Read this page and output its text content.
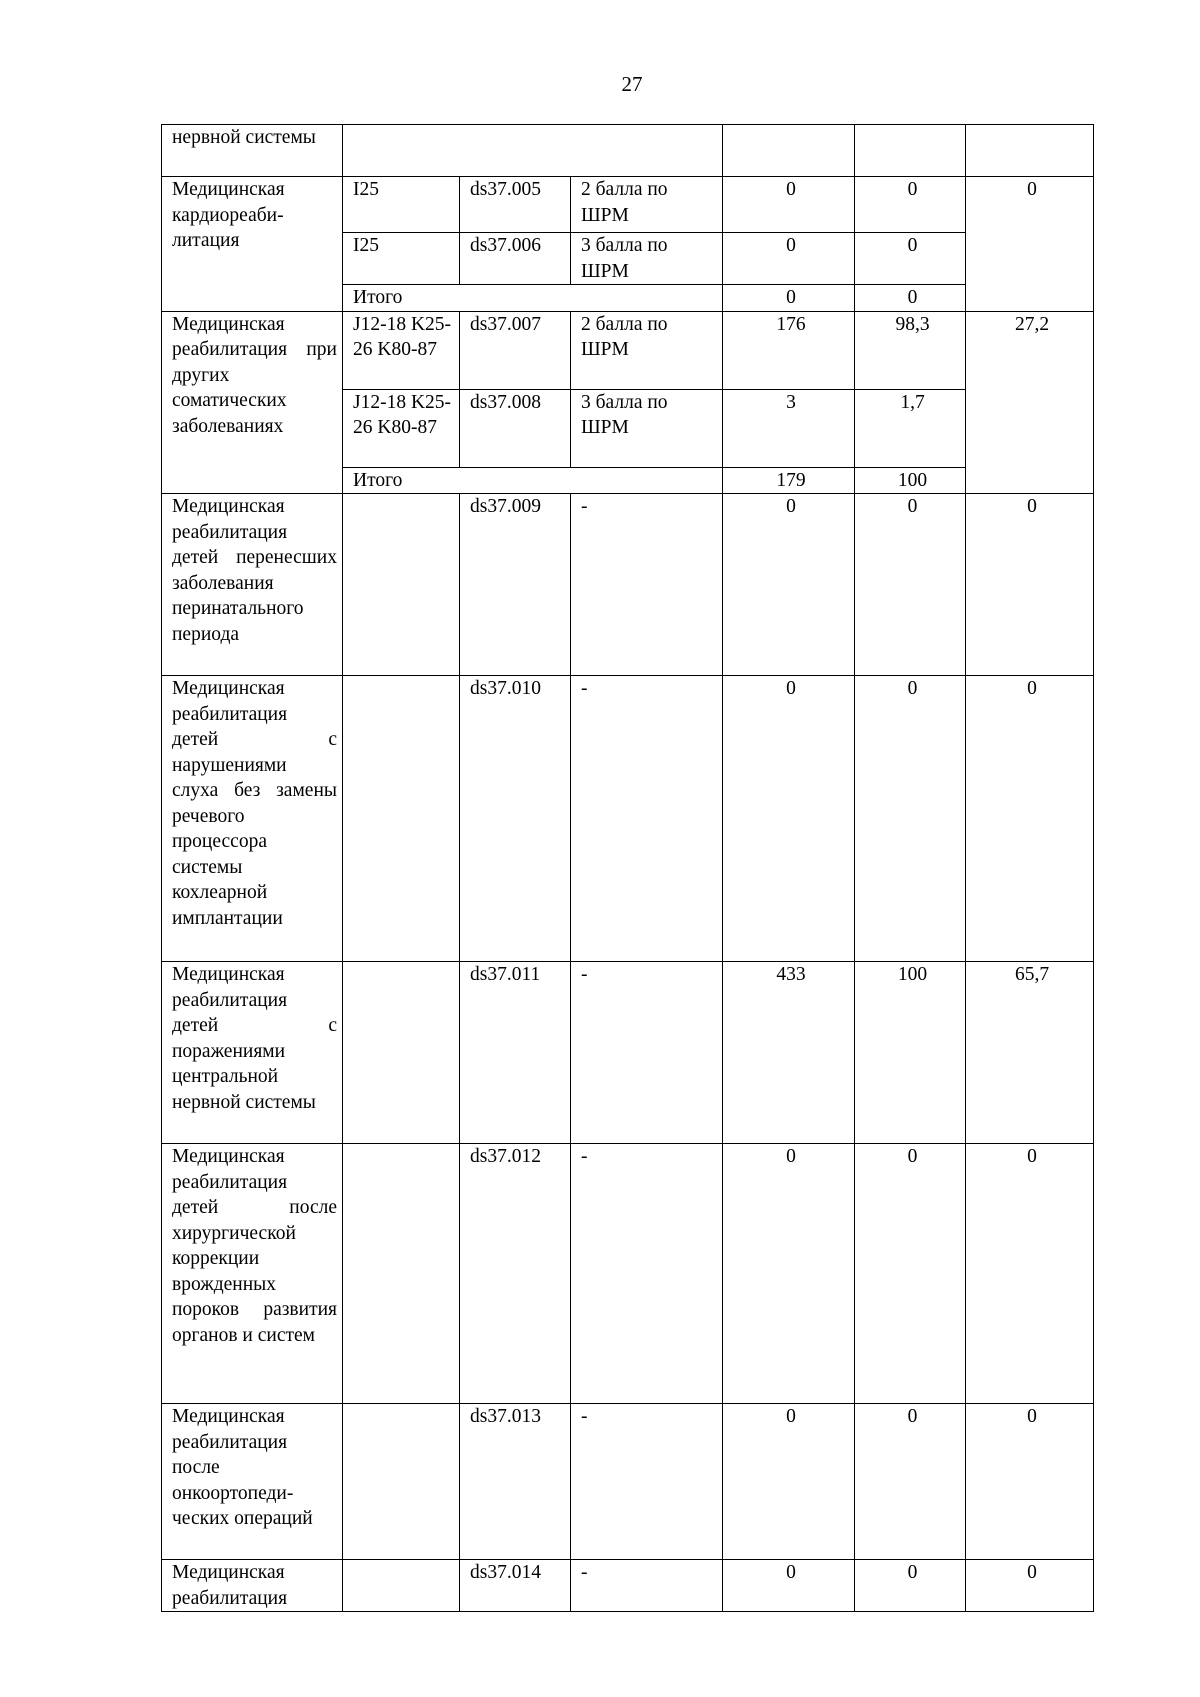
27
нервной системы						
Медицинская кардиореаби-литация	I25	ds37.005	2 балла по ШРМ	0	0	0
	I25	ds37.006	3 балла по ШРМ	0	0	
	Итого			0	0	
Медицинская реабилитация при других соматических заболеваниях	J12-18 K25-26 K80-87	ds37.007	2 балла по ШРМ	176	98,3	27,2
	J12-18 K25-26 K80-87	ds37.008	3 балла по ШРМ	3	1,7	
	Итого			179	100	
Медицинская реабилитация детей перенесших заболевания перинатального периода		ds37.009	-	0	0	0
Медицинская реабилитация детей с нарушениями слуха без замены речевого процессора системы кохлеарной имплантации		ds37.010	-	0	0	0
Медицинская реабилитация детей с поражениями центральной нервной системы		ds37.011	-	433	100	65,7
Медицинская реабилитация детей после хирургической коррекции врожденных пороков развития органов и систем		ds37.012	-	0	0	0
Медицинская реабилитация после онкоортопеди-ческих операций		ds37.013	-	0	0	0
Медицинская реабилитация		ds37.014	-	0	0	0
